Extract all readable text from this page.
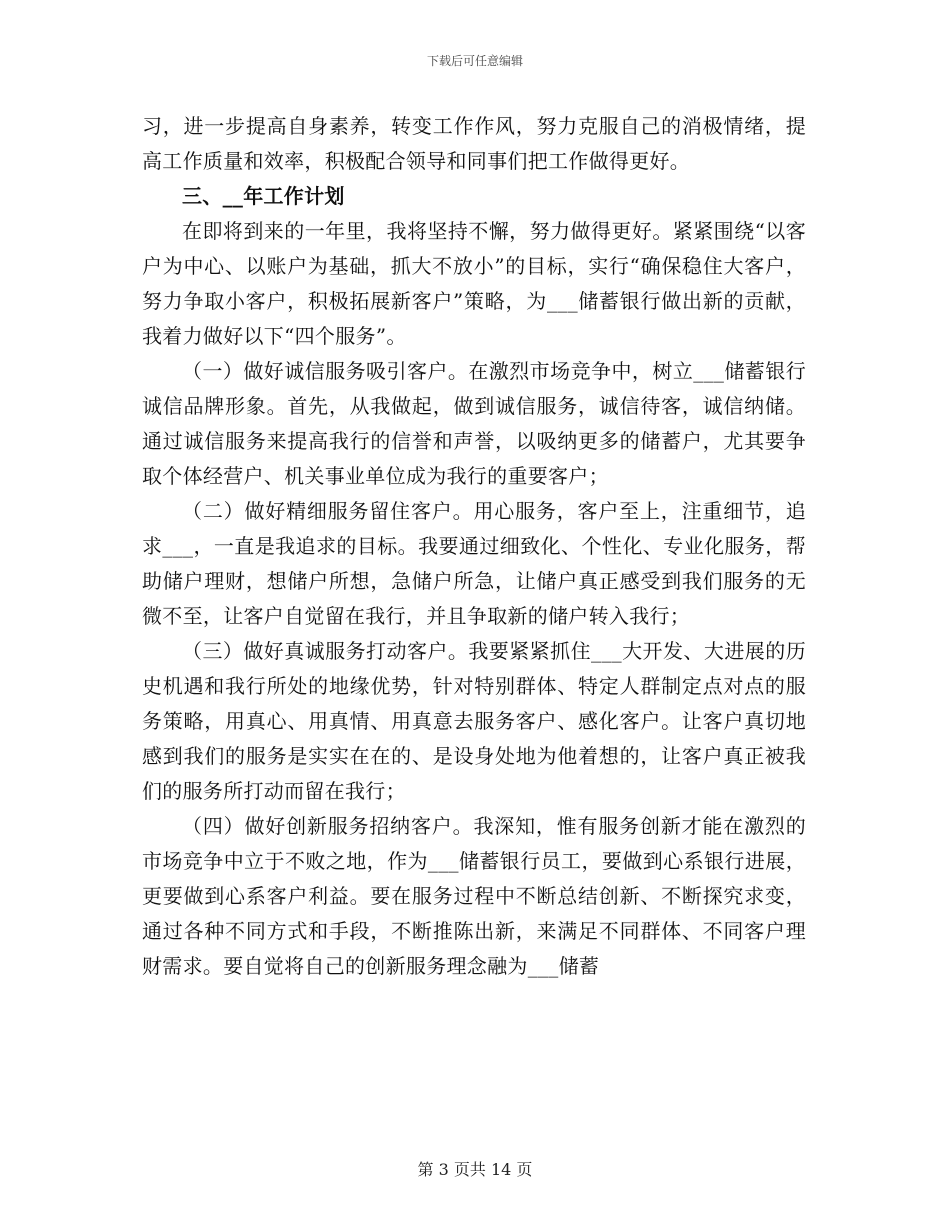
下载后可任意编辑

习，进一步提高自身素养，转变工作作风，努力克服自己的消极情绪，提高工作质量和效率，积极配合领导和同事们把工作做得更好。

三、__年工作计划

在即将到来的一年里，我将坚持不懈，努力做得更好。紧紧围绕“以客户为中心、以账户为基础，抓大不放小”的目标，实行“确保稳住大客户，努力争取小客户，积极拓展新客户”策略，为___储蓄银行做出新的贡献，我着力做好以下“四个服务”。

（一）做好诚信服务吸引客户。在激烈市场竞争中，树立___储蓄银行诚信品牌形象。首先，从我做起，做到诚信服务，诚信待客，诚信纳储。通过诚信服务来提高我行的信誉和声誉，以吸纳更多的储蓄户，尤其要争取个体经营户、机关事业单位成为我行的重要客户；

（二）做好精细服务留住客户。用心服务，客户至上，注重细节，追求___，一直是我追求的目标。我要通过细致化、个性化、专业化服务，帮助储户理财，想储户所想，急储户所急，让储户真正感受到我们服务的无微不至，让客户自觉留在我行，并且争取新的储户转入我行；

（三）做好真诚服务打动客户。我要紧紧抓住___大开发、大进展的历史机遇和我行所处的地缘优势，针对特别群体、特定人群制定点对点的服务策略，用真心、用真情、用真意去服务客户、感化客户。让客户真切地感到我们的服务是实实在在的、是设身处地为他着想的，让客户真正被我们的服务所打动而留在我行；

（四）做好创新服务招纳客户。我深知，惟有服务创新才能在激烈的市场竞争中立于不败之地，作为___储蓄银行员工，要做到心系银行进展，更要做到心系客户利益。要在服务过程中不断总结创新、不断探究求变，通过各种不同方式和手段，不断推陈出新，来满足不同群体、不同客户理财需求。要自觉将自己的创新服务理念融为___储蓄

第 3 页共 14 页
